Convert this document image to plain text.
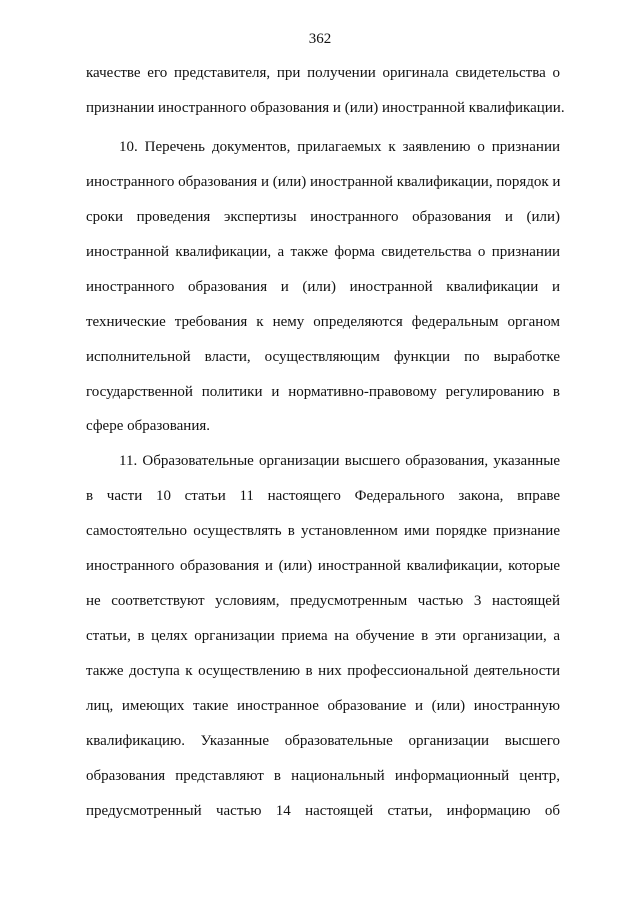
362
качестве его представителя, при получении оригинала свидетельства о
признании иностранного образования и (или) иностранной квалификации.
10. Перечень документов, прилагаемых к заявлению о признании
иностранного образования и (или) иностранной квалификации, порядок и
сроки проведения экспертизы иностранного образования и (или)
иностранной квалификации, а также форма свидетельства о признании
иностранного образования и (или) иностранной квалификации и
технические требования к нему определяются федеральным органом
исполнительной власти, осуществляющим функции по выработке
государственной политики и нормативно-правовому регулированию в
сфере образования.
11. Образовательные организации высшего образования, указанные
в части 10 статьи 11 настоящего Федерального закона, вправе
самостоятельно осуществлять в установленном ими порядке признание
иностранного образования и (или) иностранной квалификации, которые
не соответствуют условиям, предусмотренным частью 3 настоящей
статьи, в целях организации приема на обучение в эти организации, а
также доступа к осуществлению в них профессиональной деятельности
лиц, имеющих такие иностранное образование и (или) иностранную
квалификацию. Указанные образовательные организации высшего
образования представляют в национальный информационный центр,
предусмотренный частью 14 настоящей статьи, информацию об
